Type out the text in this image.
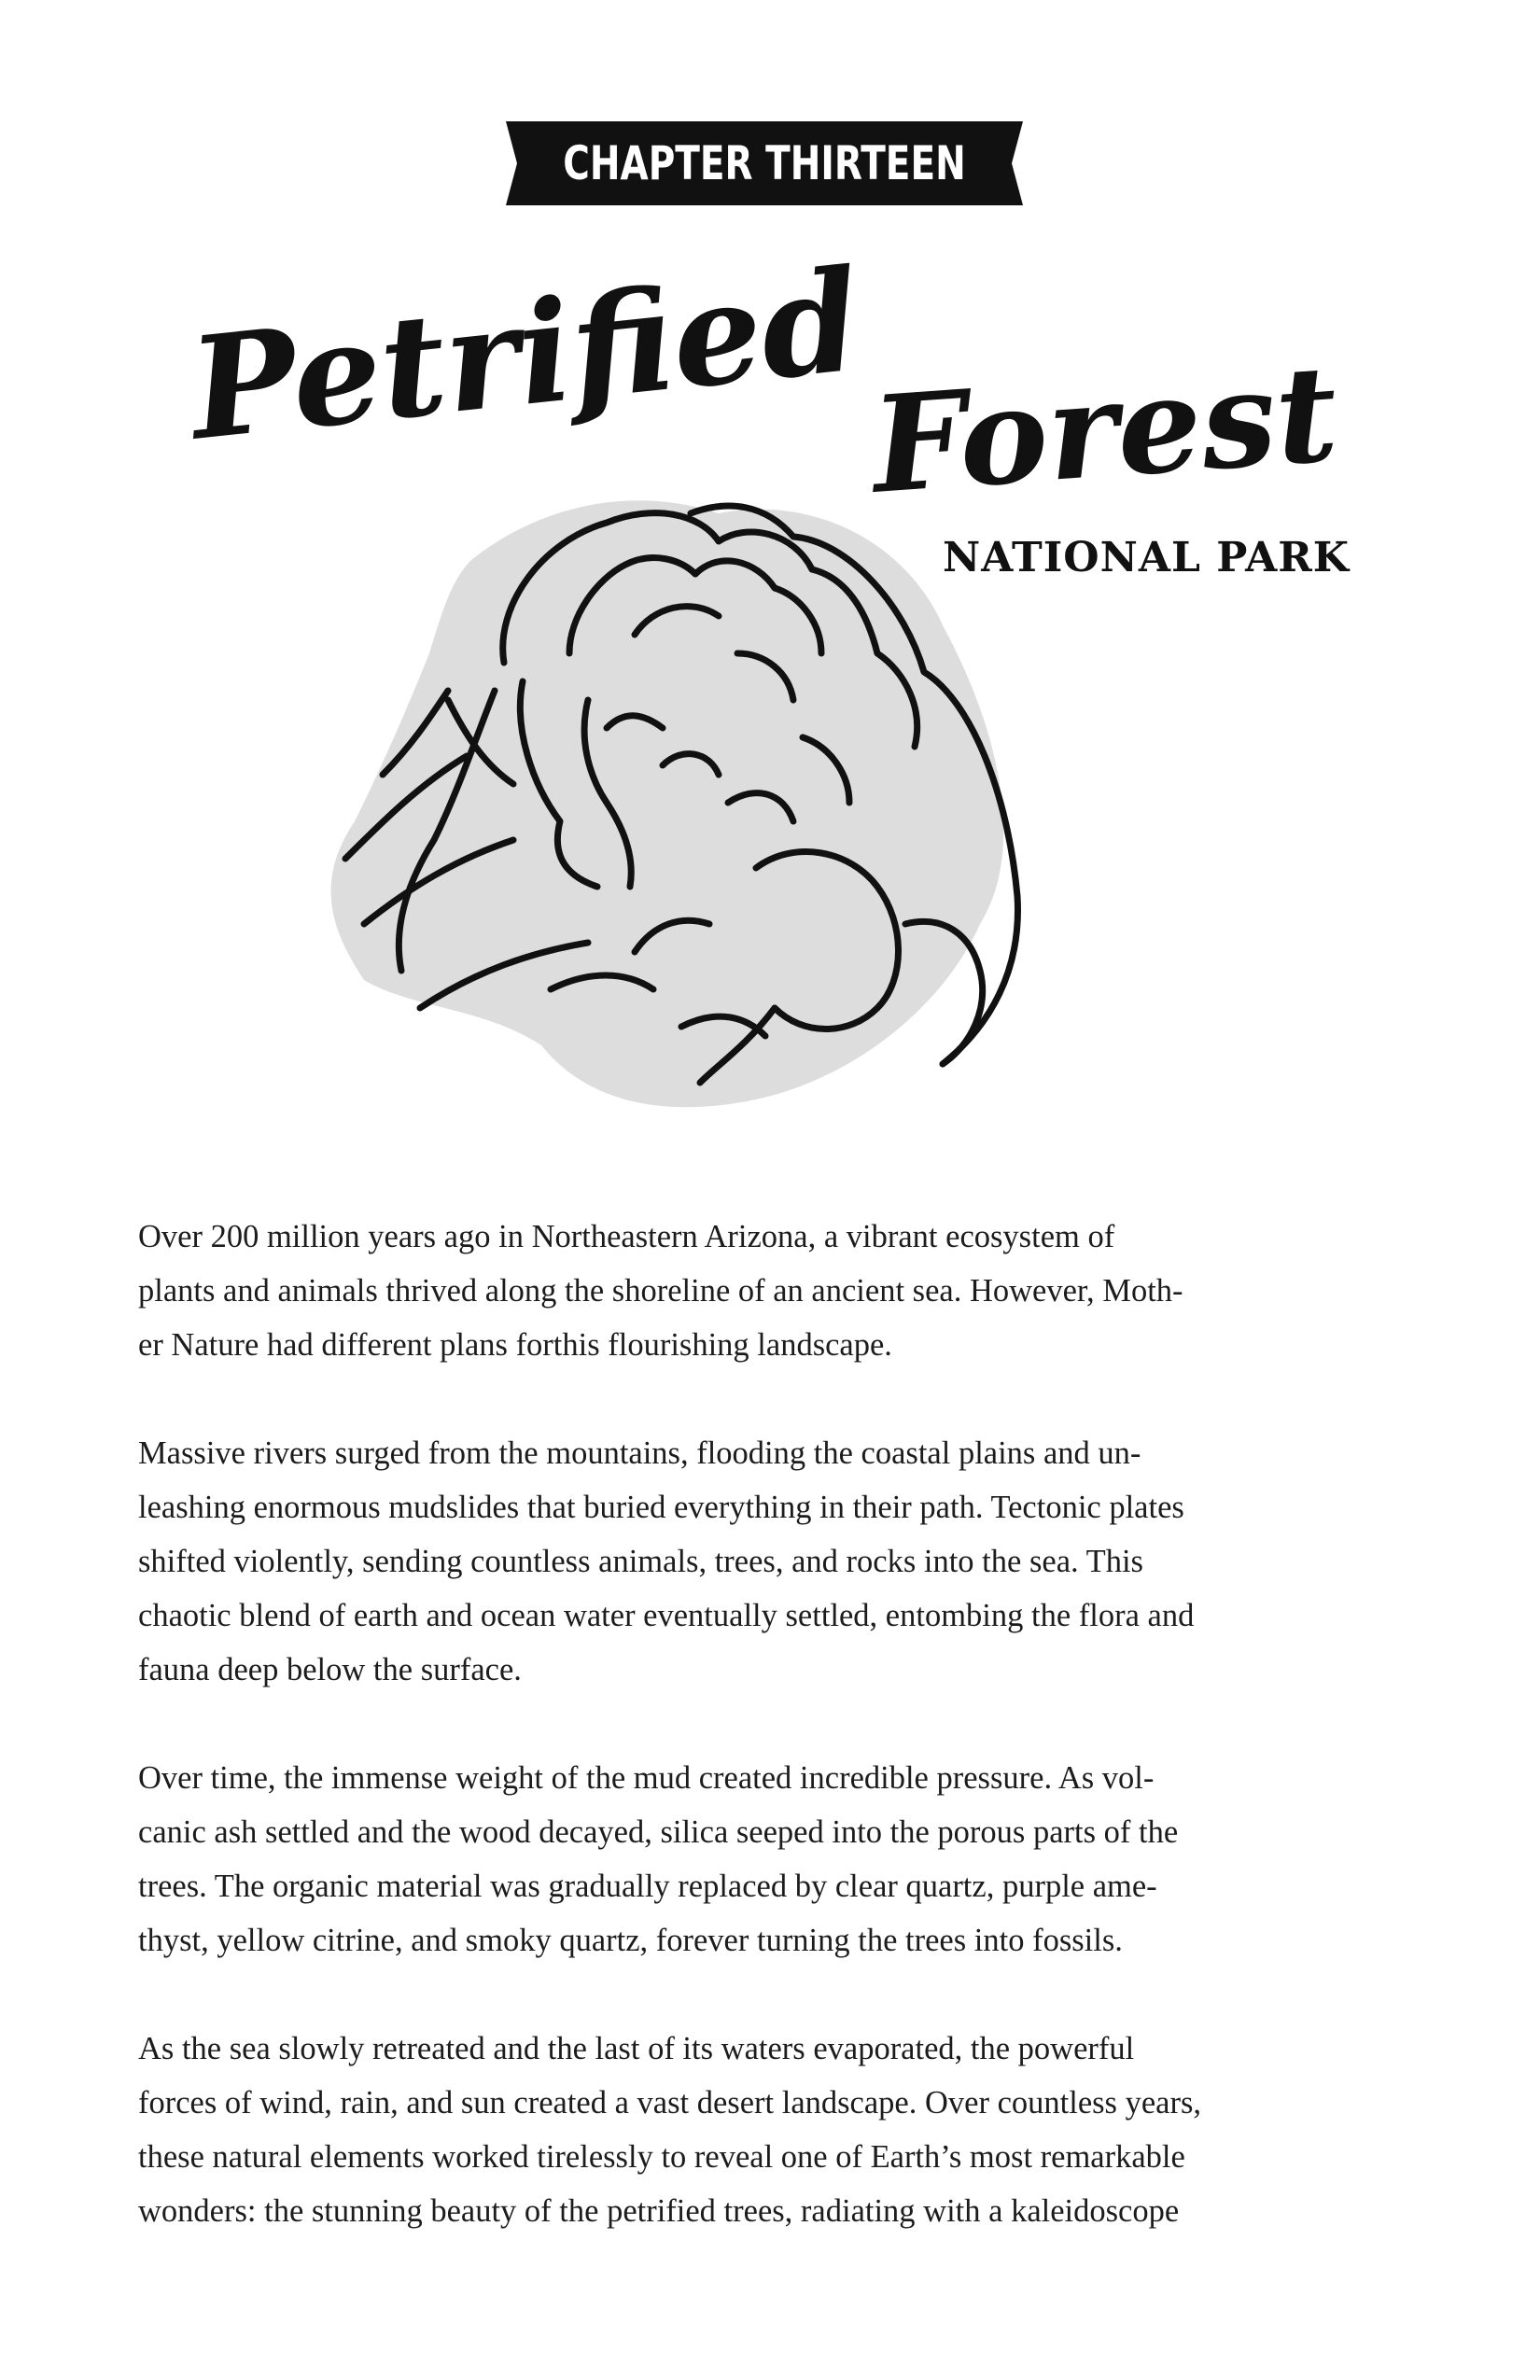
CHAPTER THIRTEEN
Petrified Forest
NATIONAL PARK
Over 200 million years ago in Northeastern Arizona, a vibrant ecosystem of
plants and animals thrived along the shoreline of an ancient sea. However, Moth-
er Nature had different plans forthis flourishing landscape.
Massive rivers surged from the mountains, flooding the coastal plains and un-
leashing enormous mudslides that buried everything in their path. Tectonic plates
shifted violently, sending countless animals, trees, and rocks into the sea. This
chaotic blend of earth and ocean water eventually settled, entombing the flora and
fauna deep below the surface.
Over time, the immense weight of the mud created incredible pressure. As vol-
canic ash settled and the wood decayed, silica seeped into the porous parts of the
trees. The organic material was gradually replaced by clear quartz, purple ame-
thyst, yellow citrine, and smoky quartz, forever turning the trees into fossils.
As the sea slowly retreated and the last of its waters evaporated, the powerful
forces of wind, rain, and sun created a vast desert landscape. Over countless years,
these natural elements worked tirelessly to reveal one of Earth’s most remarkable
wonders: the stunning beauty of the petrified trees, radiating with a kaleidoscope
